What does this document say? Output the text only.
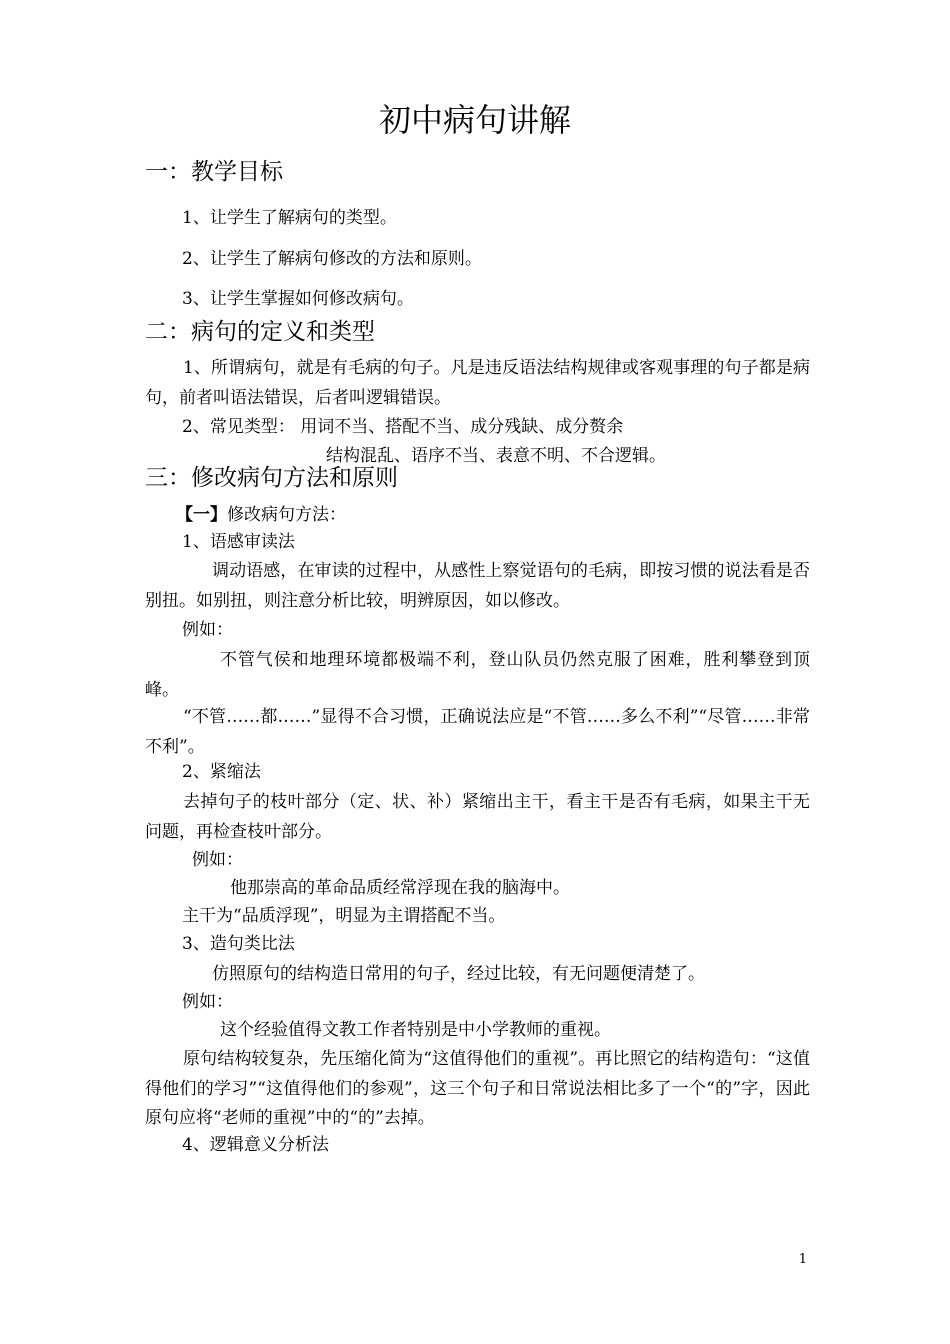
初中病句讲解
一：教学目标
1、让学生了解病句的类型。
2、让学生了解病句修改的方法和原则。
3、让学生掌握如何修改病句。
二：病句的定义和类型
1、所谓病句，就是有毛病的句子。凡是违反语法结构规律或客观事理的句子都是病句，前者叫语法错误，后者叫逻辑错误。
2、常见类型： 用词不当、搭配不当、成分残缺、成分赘余
结构混乱、语序不当、表意不明、不合逻辑。
三：修改病句方法和原则
【一】修改病句方法：
1、语感审读法
调动语感，在审读的过程中，从感性上察觉语句的毛病，即按习惯的说法看是否别扭。如别扭，则注意分析比较，明辨原因，如以修改。
例如：
不管气侯和地理环境都极端不利，登山队员仍然克服了困难，胜利攀登到顶峰。
“不管……都……”显得不合习惯，正确说法应是“不管……多么不利”“尽管……非常不利”。
2、紧缩法
去掉句子的枝叶部分（定、状、补）紧缩出主干，看主干是否有毛病，如果主干无问题，再检查枝叶部分。
例如：
他那崇高的革命品质经常浮现在我的脑海中。
主干为“品质浮现”，明显为主谓搭配不当。
3、造句类比法
仿照原句的结构造日常用的句子，经过比较，有无问题便清楚了。
例如：
这个经验值得文教工作者特别是中小学教师的重视。
原句结构较复杂，先压缩化简为“这值得他们的重视”。再比照它的结构造句：“这值得他们的学习”“这值得他们的参观”，这三个句子和日常说法相比多了一个“的”字，因此原句应将“老师的重视”中的“的”去掉。
4、逻辑意义分析法
1
